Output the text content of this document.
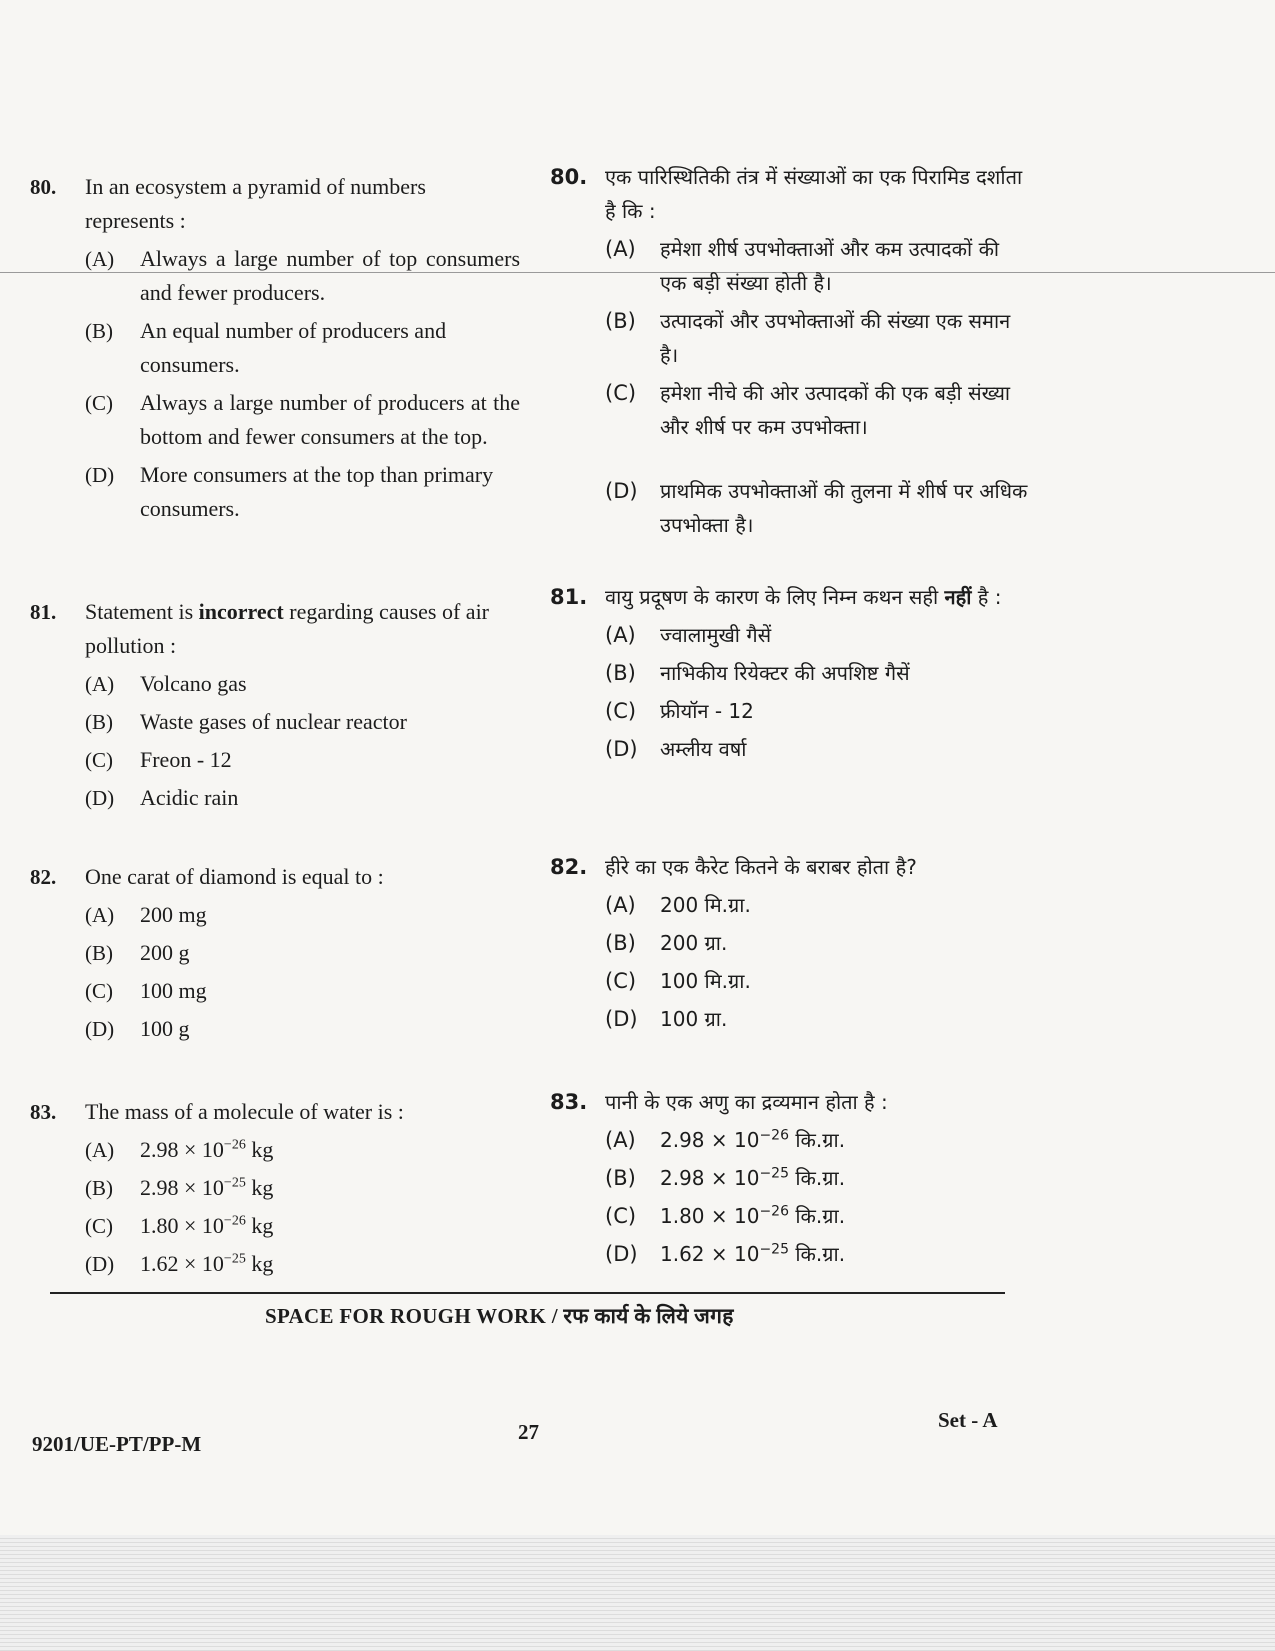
80.	In an ecosystem a pyramid of numbers represents :
(A)	Always a large number of top consumers and fewer producers.
(B)	An equal number of producers and consumers.
(C)	Always a large number of producers at the bottom and fewer consumers at the top.
(D)	More consumers at the top than primary consumers.
81.	Statement is incorrect regarding causes of air pollution :
(A)	Volcano gas
(B)	Waste gases of nuclear reactor
(C)	Freon - 12
(D)	Acidic rain
82.	One carat of diamond is equal to :
(A)	200 mg
(B)	200 g
(C)	100 mg
(D)	100 g
83.	The mass of a molecule of water is :
(A)	$2.98 \times 10^{-26}$ kg
(B)	$2.98 \times 10^{-25}$ kg
(C)	$1.80 \times 10^{-26}$ kg
(D)	$1.62 \times 10^{-25}$ kg
80. एक पारिस्थितिकी तंत्र में संख्याओं का एक पिरामिड दर्शाता है कि :
(A)	हमेशा शीर्ष उपभोक्ताओं और कम उत्पादकों की एक बड़ी संख्या होती है।
(B)	उत्पादकों और उपभोक्ताओं की संख्या एक समान है।
(C)	हमेशा नीचे की ओर उत्पादकों की एक बड़ी संख्या और शीर्ष पर कम उपभोक्ता।
(D)	प्राथमिक उपभोक्ताओं की तुलना में शीर्ष पर अधिक उपभोक्ता है।
81. वायु प्रदूषण के कारण के लिए निम्न कथन सही नहीं है :
(A)	ज्वालामुखी गैसें
(B)	नाभिकीय रियेक्टर की अपशिष्ट गैसें
(C)	फ्रीयॉन - 12
(D)	अम्लीय वर्षा
82. हीरे का एक कैरेट कितने के बराबर होता है?
(A)	200 मि.ग्रा.
(B)	200 ग्रा.
(C)	100 मि.ग्रा.
(D)	100 ग्रा.
83. पानी के एक अणु का द्रव्यमान होता है :
(A)	$2.98 \times 10^{-26}$ कि.ग्रा.
(B)	$2.98 \times 10^{-25}$ कि.ग्रा.
(C)	$1.80 \times 10^{-26}$ कि.ग्रा.
(D)	$1.62 \times 10^{-25}$ कि.ग्रा.
SPACE FOR ROUGH WORK / रफ कार्य के लिये जगह
9201/UE-PT/PP-M	27	Set - A
